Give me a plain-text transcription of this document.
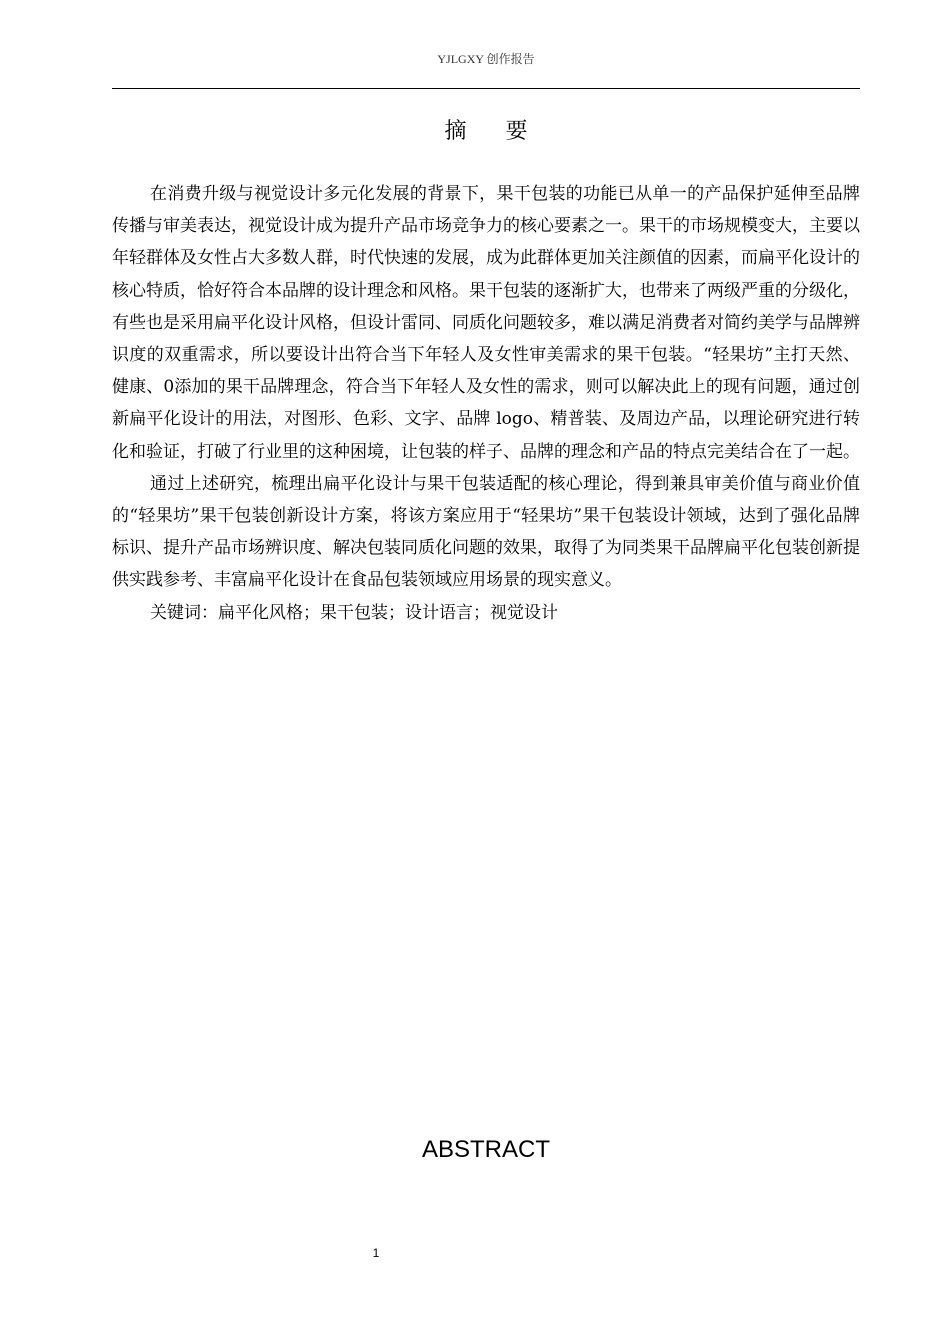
YJLGXY 创作报告
摘 要

在消费升级与视觉设计多元化发展的背景下，果干包装的功能已从单一的产品保护延伸至品牌传播与审美表达，视觉设计成为提升产品市场竞争力的核心要素之一。果干的市场规模变大，主要以年轻群体及女性占大多数人群，时代快速的发展，成为此群体更加关注颜值的因素，而扁平化设计的核心特质，恰好符合本品牌的设计理念和风格。果干包装的逐渐扩大，也带来了两级严重的分级化，有些也是采用扁平化设计风格，但设计雷同、同质化问题较多，难以满足消费者对简约美学与品牌辨识度的双重需求，所以要设计出符合当下年轻人及女性审美需求的果干包装。“轻果坊”主打天然、健康、0添加的果干品牌理念，符合当下年轻人及女性的需求，则可以解决此上的现有问题，通过创新扁平化设计的用法，对图形、色彩、文字、品牌 logo、精普装、及周边产品，以理论研究进行转化和验证，打破了行业里的这种困境，让包装的样子、品牌的理念和产品的特点完美结合在了一起。

通过上述研究，梳理出扁平化设计与果干包装适配的核心理论，得到兼具审美价值与商业价值的“轻果坊”果干包装创新设计方案，将该方案应用于“轻果坊”果干包装设计领域，达到了强化品牌标识、提升产品市场辨识度、解决包装同质化问题的效果，取得了为同类果干品牌扁平化包装创新提供实践参考、丰富扁平化设计在食品包装领域应用场景的现实意义。

关键词：扁平化风格；果干包装；设计语言；视觉设计

ABSTRACT
1
